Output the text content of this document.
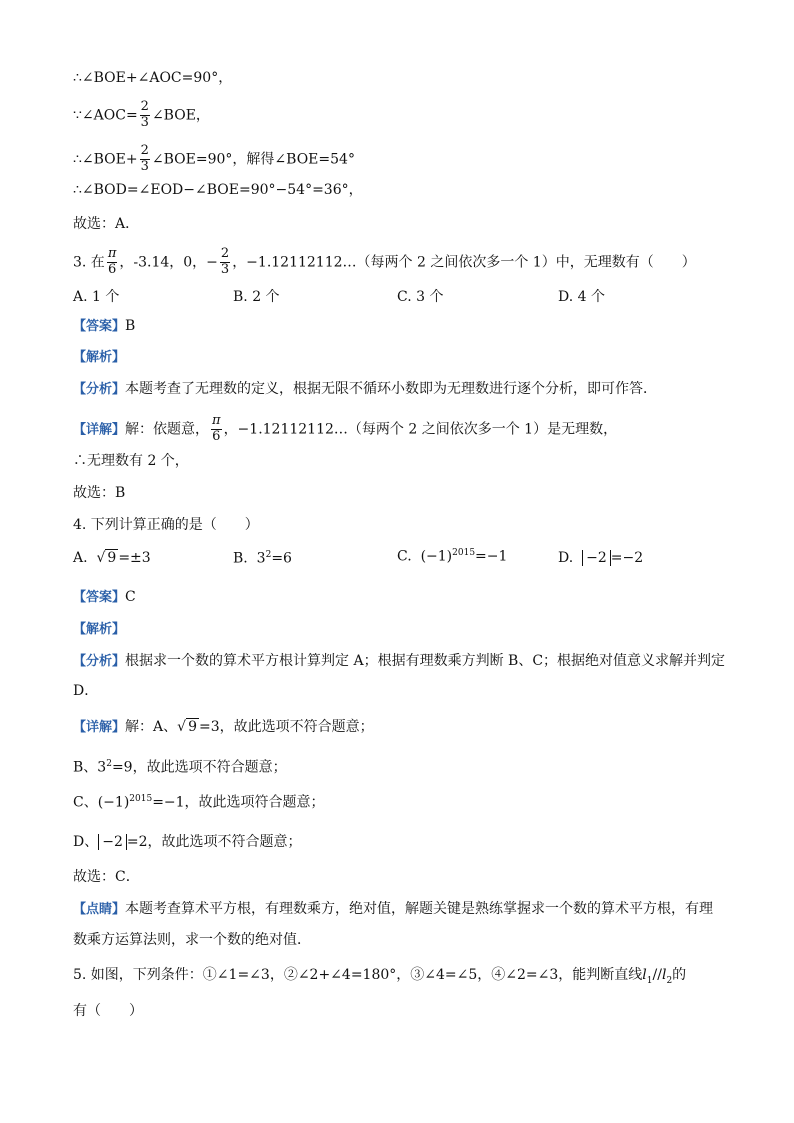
∴∠BOE+∠AOC=90°，
∵∠AOC= $\frac{2}{3}$ ∠BOE，
∴∠BOE+ $\frac{2}{3}$ ∠BOE=90°，解得∠BOE=54°
∴∠BOD=∠EOD−∠BOE=90°−54°=36°，
故选：A．
3. 在 $\frac{\pi}{6}$ ，-3.14，0，− $\frac{2}{3}$ ，−1.12112112…（每两个 2 之间依次多一个 1）中，无理数有（　　）
A. 1 个	B. 2 个	C. 3 个	D. 4 个
【答案】B
【解析】
【分析】本题考查了无理数的定义，根据无限不循环小数即为无理数进行逐个分析，即可作答．
【详解】解：依题意， $\frac{\pi}{6}$ ，−1.12112112…（每两个 2 之间依次多一个 1）是无理数，
∴无理数有 2 个，
故选：B
4. 下列计算正确的是（　　）
A. √ 9 =±3	B. $3^2=6$	C. $(-1)^{2015}=-1$	D. −2 =−2
【答案】C
【解析】
【分析】根据求一个数的算术平方根计算判定 A；根据有理数乘方判断 B、C；根据绝对值意义求解并判定
D．
【详解】解：A、√ 9 =3，故此选项不符合题意；
B、$3^2=9$，故此选项不符合题意；
C、$(-1)^{2015}=-1$，故此选项符合题意；
D、 −2 =2，故此选项不符合题意；
故选：C．
【点睛】本题考查算术平方根，有理数乘方，绝对值，解题关键是熟练掌握求一个数的算术平方根，有理
数乘方运算法则，求一个数的绝对值．
5. 如图，下列条件：①∠1=∠3，②∠2+∠4=180°，③∠4=∠5，④∠2=∠3，能判断直线$l_1//l_2$的
有（　　）
